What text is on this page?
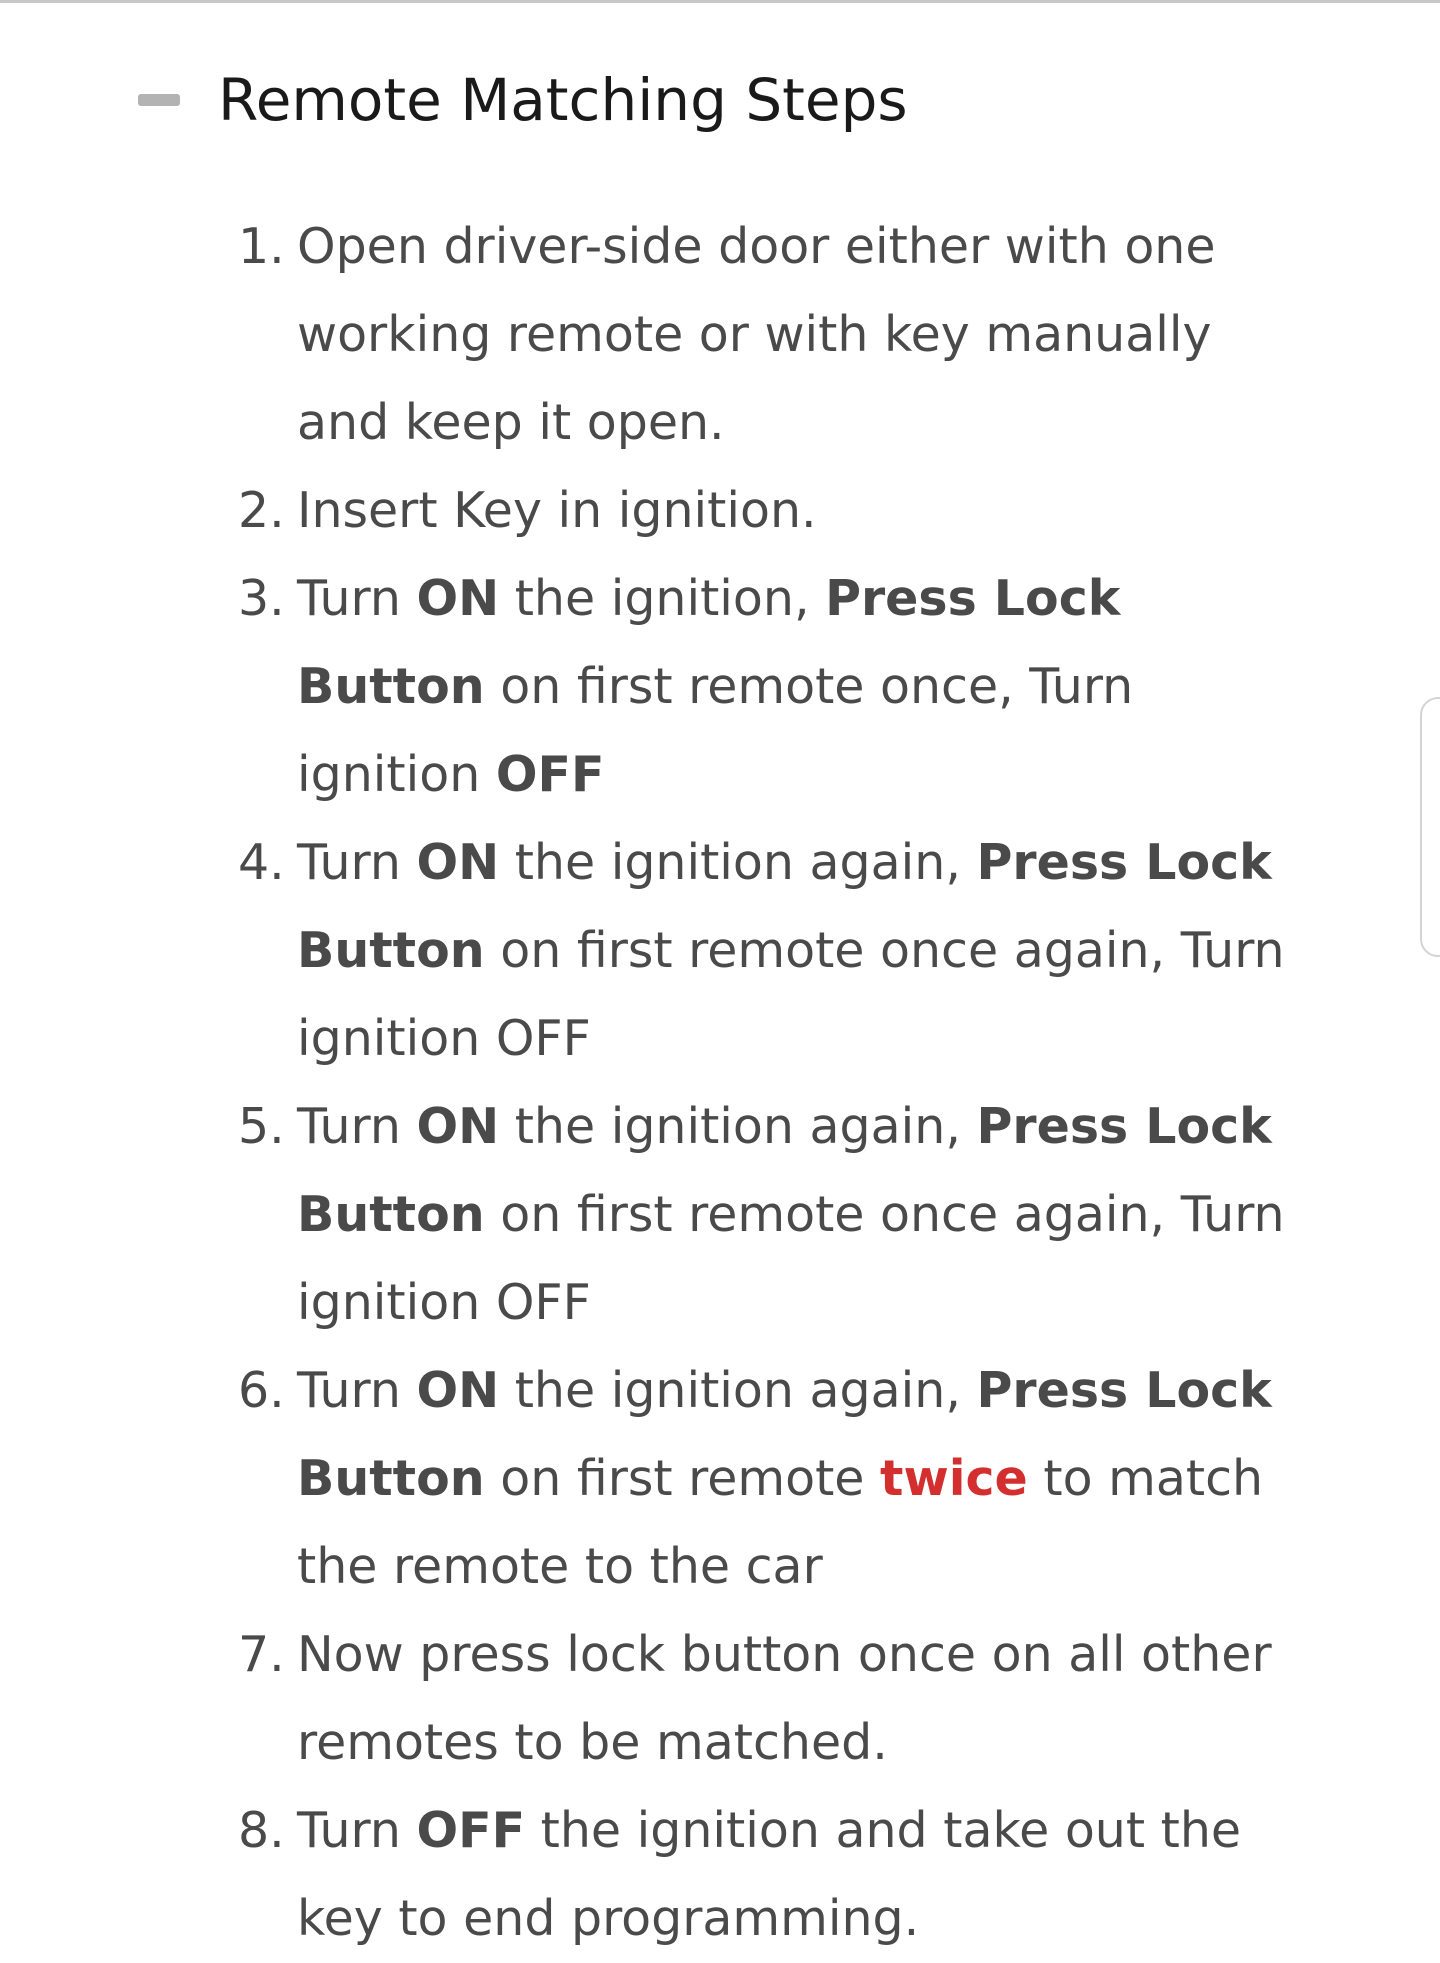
Remote Matching Steps
1. Open driver-side door either with one working remote or with key manually and keep it open.
2. Insert Key in ignition.
3. Turn ON the ignition, Press Lock Button on first remote once, Turn ignition OFF
4. Turn ON the ignition again, Press Lock Button on first remote once again, Turn ignition OFF
5. Turn ON the ignition again, Press Lock Button on first remote once again, Turn ignition OFF
6. Turn ON the ignition again, Press Lock Button on first remote twice to match the remote to the car
7. Now press lock button once on all other remotes to be matched.
8. Turn OFF the ignition and take out the key to end programming.
